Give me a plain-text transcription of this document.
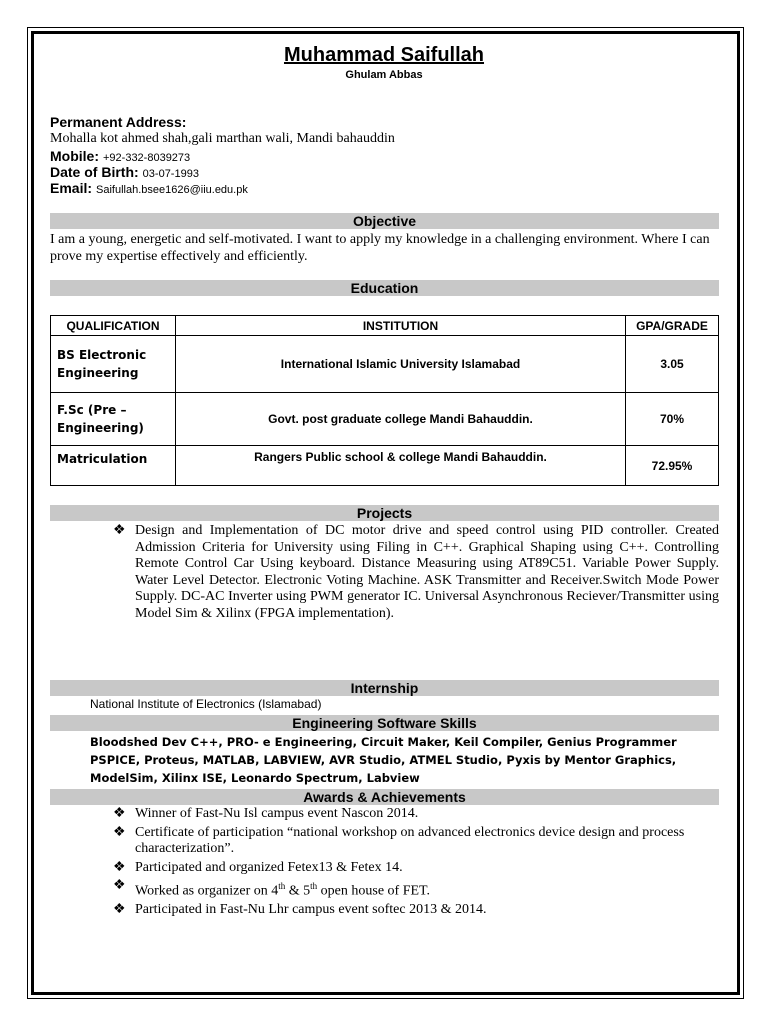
Muhammad Saifullah
Ghulam Abbas
Permanent Address:
Mohalla kot ahmed shah,gali marthan wali, Mandi bahauddin
Mobile: +92-332-8039273
Date of Birth: 03-07-1993
Email: Saifullah.bsee1626@iiu.edu.pk
Objective
I am a young, energetic and self-motivated. I want to apply my knowledge in a challenging environment. Where I can prove my expertise effectively and efficiently.
Education
QUALIFICATION	INSTITUTION	GPA/GRADE
BS Electronic Engineering	International Islamic University Islamabad	3.05
F.Sc (Pre – Engineering)	Govt. post graduate college Mandi Bahauddin.	70%
Matriculation	Rangers Public school & college Mandi Bahauddin.	72.95%
Projects
❖ Design and Implementation of DC motor drive and speed control using PID controller. Created Admission Criteria for University using Filing in C++. Graphical Shaping using C++. Controlling Remote Control Car Using keyboard. Distance Measuring using AT89C51. Variable Power Supply. Water Level Detector. Electronic Voting Machine. ASK Transmitter and Receiver.Switch Mode Power Supply. DC-AC Inverter using PWM generator IC. Universal Asynchronous Reciever/Transmitter using Model Sim & Xilinx (FPGA implementation).
Internship
National Institute of Electronics (Islamabad)
Engineering Software Skills
Bloodshed Dev C++, PRO- e Engineering, Circuit Maker, Keil Compiler, Genius Programmer
PSPICE, Proteus, MATLAB, LABVIEW, AVR Studio, ATMEL Studio, Pyxis by Mentor Graphics,
ModelSim, Xilinx ISE, Leonardo Spectrum, Labview
Awards & Achievements
❖ Winner of Fast-Nu Isl campus event Nascon 2014.
❖ Certificate of participation “national workshop on advanced electronics device design and process characterization”.
❖ Participated and organized Fetex13 & Fetex 14.
❖ Worked as organizer on 4th & 5th open house of FET.
❖ Participated in Fast-Nu Lhr campus event softec 2013 & 2014.
